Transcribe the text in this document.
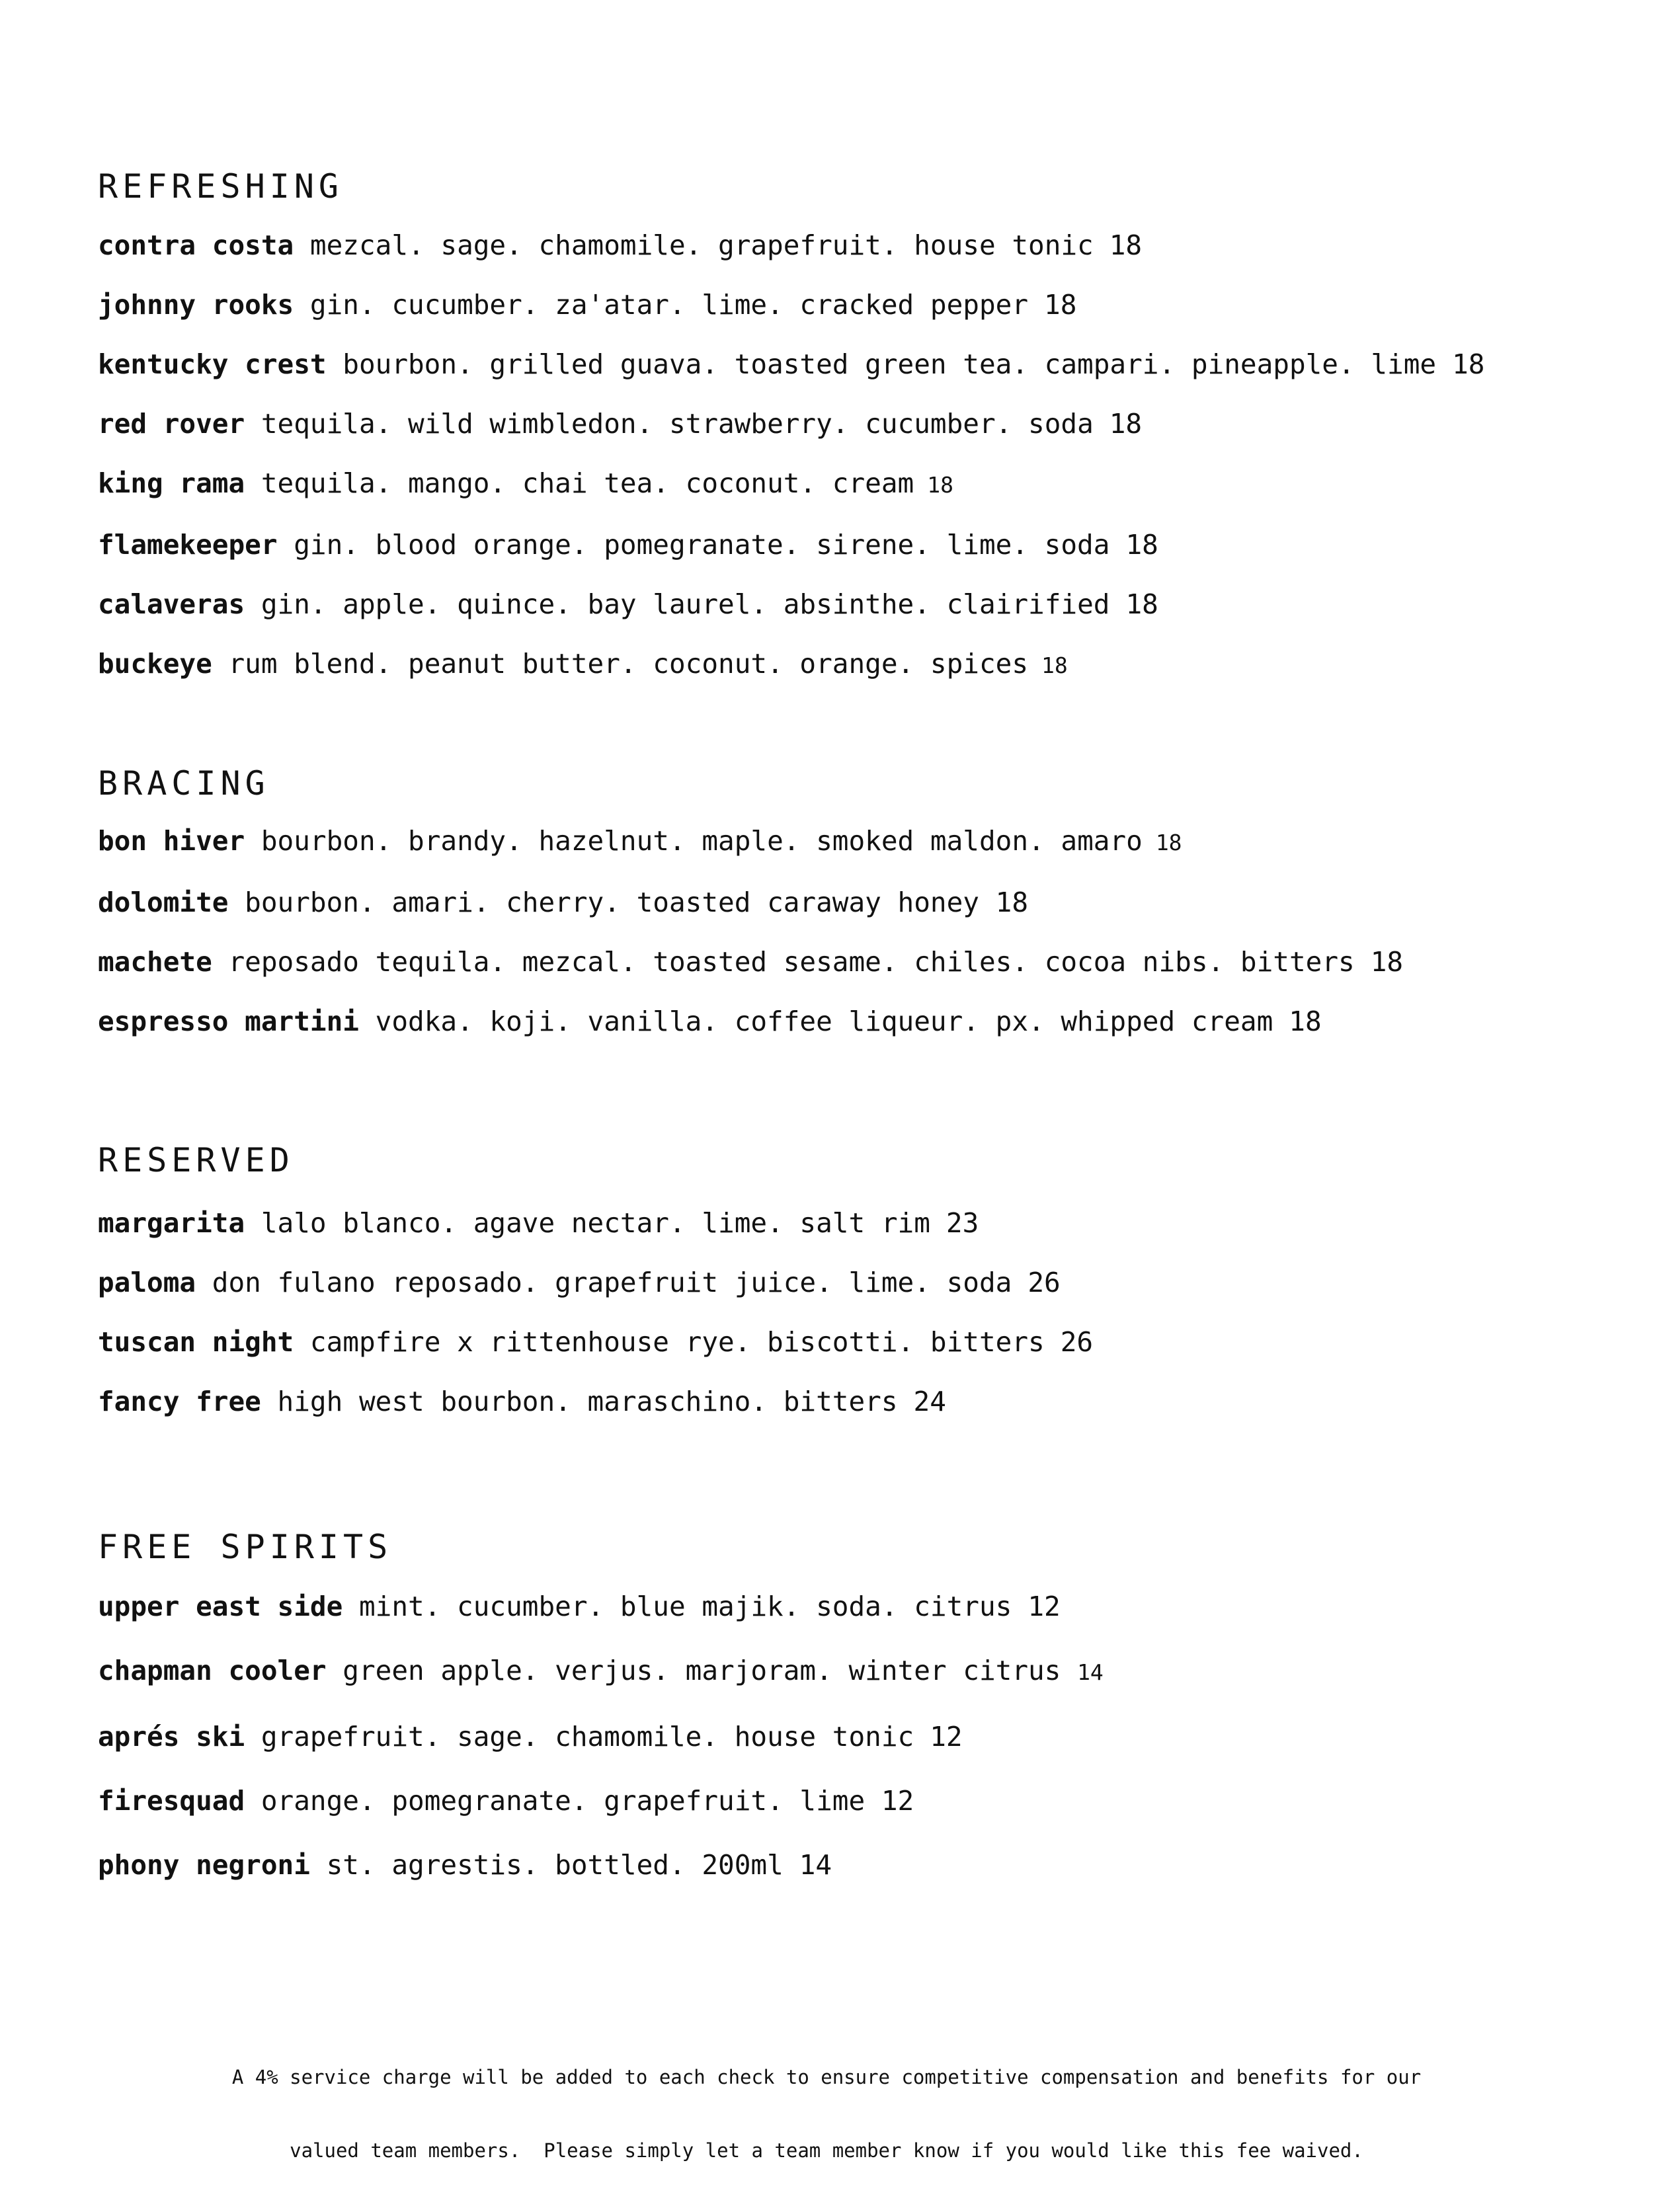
REFRESHING
contra costa mezcal. sage. chamomile. grapefruit. house tonic 18
johnny rooks gin. cucumber. za'atar. lime. cracked pepper 18
kentucky crest bourbon. grilled guava. toasted green tea. campari. pineapple. lime 18
red rover tequila. wild wimbledon. strawberry. cucumber. soda 18
king rama tequila. mango. chai tea. coconut. cream 18
flamekeeper gin. blood orange. pomegranate. sirene. lime. soda 18
calaveras gin. apple. quince. bay laurel. absinthe. clairified 18
buckeye rum blend. peanut butter. coconut. orange. spices 18
BRACING
bon hiver bourbon. brandy. hazelnut. maple. smoked maldon. amaro 18
dolomite bourbon. amari. cherry. toasted caraway honey 18
machete reposado tequila. mezcal. toasted sesame. chiles. cocoa nibs. bitters 18
espresso martini vodka. koji. vanilla. coffee liqueur. px. whipped cream 18
RESERVED
margarita lalo blanco. agave nectar. lime. salt rim 23
paloma don fulano reposado. grapefruit juice. lime. soda 26
tuscan night campfire x rittenhouse rye. biscotti. bitters 26
fancy free high west bourbon. maraschino. bitters 24
FREE SPIRITS
upper east side mint. cucumber. blue majik. soda. citrus 12
chapman cooler green apple. verjus. marjoram. winter citrus 14
aprés ski grapefruit. sage. chamomile. house tonic 12
firesquad orange. pomegranate. grapefruit. lime 12
phony negroni st. agrestis. bottled. 200ml 14

A 4% service charge will be added to each check to ensure competitive compensation and benefits for our

valued team members.  Please simply let a team member know if you would like this fee waived.
